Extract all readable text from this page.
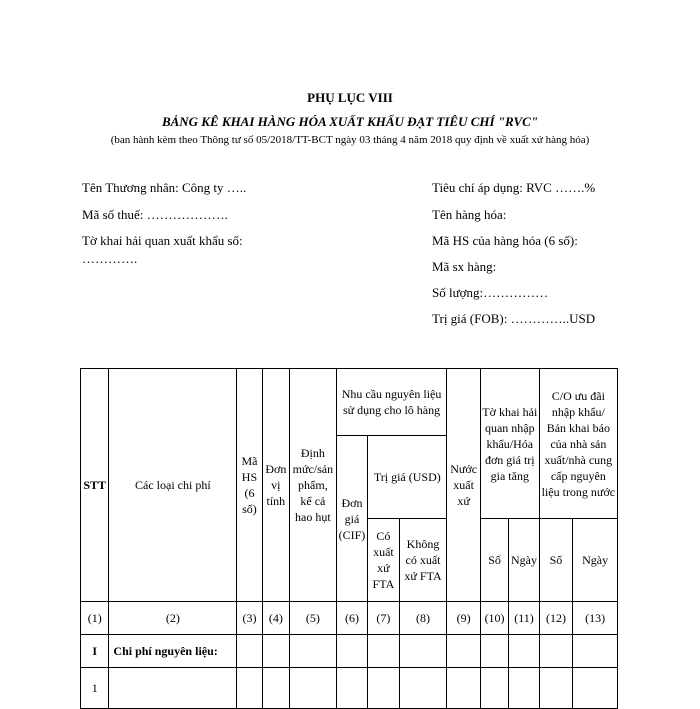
PHỤ LỤC VIII
BẢNG KÊ KHAI HÀNG HÓA XUẤT KHẨU ĐẠT TIÊU CHÍ "RVC"
(ban hành kèm theo Thông tư số 05/2018/TT-BCT ngày 03 tháng 4 năm 2018 quy định về xuất xứ hàng hóa)
Tên Thương nhân: Công ty …..
Mã số thuế: ……………….
Tờ khai hải quan xuất khẩu số:
………….
Tiêu chí áp dụng: RVC …….%
Tên hàng hóa:
Mã HS của hàng hóa (6 số):
Mã sx hàng:
Số lượng:……………
Trị giá (FOB): …………..USD
STT	Các loại chi phí	Mã HS (6 số)	Đơn vị tính	Định mức/sản phẩm, kể cả hao hụt	Nhu cầu nguyên liệu sử dụng cho lô hàng			Nước xuất xứ	Tờ khai hải quan nhập khẩu/Hóa đơn giá trị gia tăng		C/O ưu đãi nhập khẩu/ Bản khai báo của nhà sản xuất/nhà cung cấp nguyên liệu trong nước	
					Đơn giá (CIF)	Trị giá (USD)						
						Có xuất xứ FTA	Không có xuất xứ FTA		Số	Ngày	Số	Ngày

(1)	(2)	(3)	(4)	(5)	(6)	(7)	(8)	(9)	(10)	(11)	(12)	(13)
I	Chi phí nguyên liệu:											
1												
